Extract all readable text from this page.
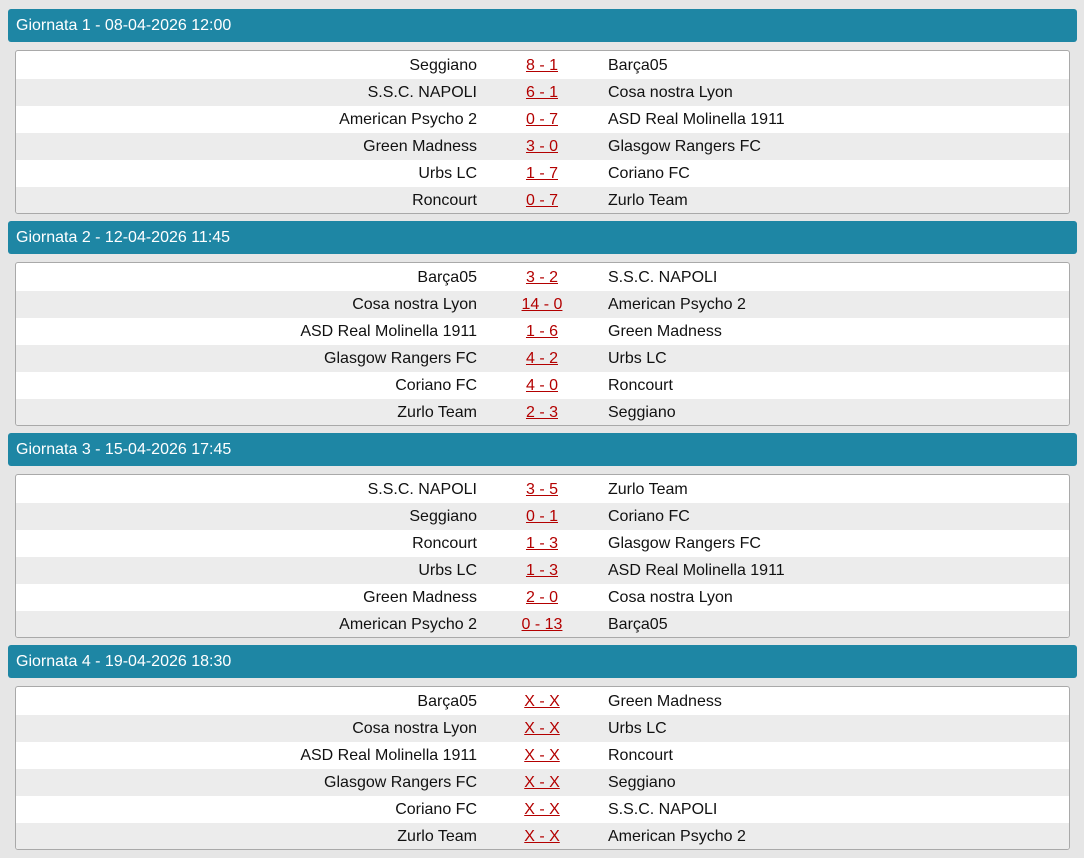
Giornata 1 - 08-04-2026 12:00
Seggiano	8 - 1	Barça05
S.S.C. NAPOLI	6 - 1	Cosa nostra Lyon
American Psycho 2	0 - 7	ASD Real Molinella 1911
Green Madness	3 - 0	Glasgow Rangers FC
Urbs LC	1 - 7	Coriano FC
Roncourt	0 - 7	Zurlo Team
Giornata 2 - 12-04-2026 11:45
Barça05	3 - 2	S.S.C. NAPOLI
Cosa nostra Lyon	14 - 0	American Psycho 2
ASD Real Molinella 1911	1 - 6	Green Madness
Glasgow Rangers FC	4 - 2	Urbs LC
Coriano FC	4 - 0	Roncourt
Zurlo Team	2 - 3	Seggiano
Giornata 3 - 15-04-2026 17:45
S.S.C. NAPOLI	3 - 5	Zurlo Team
Seggiano	0 - 1	Coriano FC
Roncourt	1 - 3	Glasgow Rangers FC
Urbs LC	1 - 3	ASD Real Molinella 1911
Green Madness	2 - 0	Cosa nostra Lyon
American Psycho 2	0 - 13	Barça05
Giornata 4 - 19-04-2026 18:30
Barça05	X - X	Green Madness
Cosa nostra Lyon	X - X	Urbs LC
ASD Real Molinella 1911	X - X	Roncourt
Glasgow Rangers FC	X - X	Seggiano
Coriano FC	X - X	S.S.C. NAPOLI
Zurlo Team	X - X	American Psycho 2
